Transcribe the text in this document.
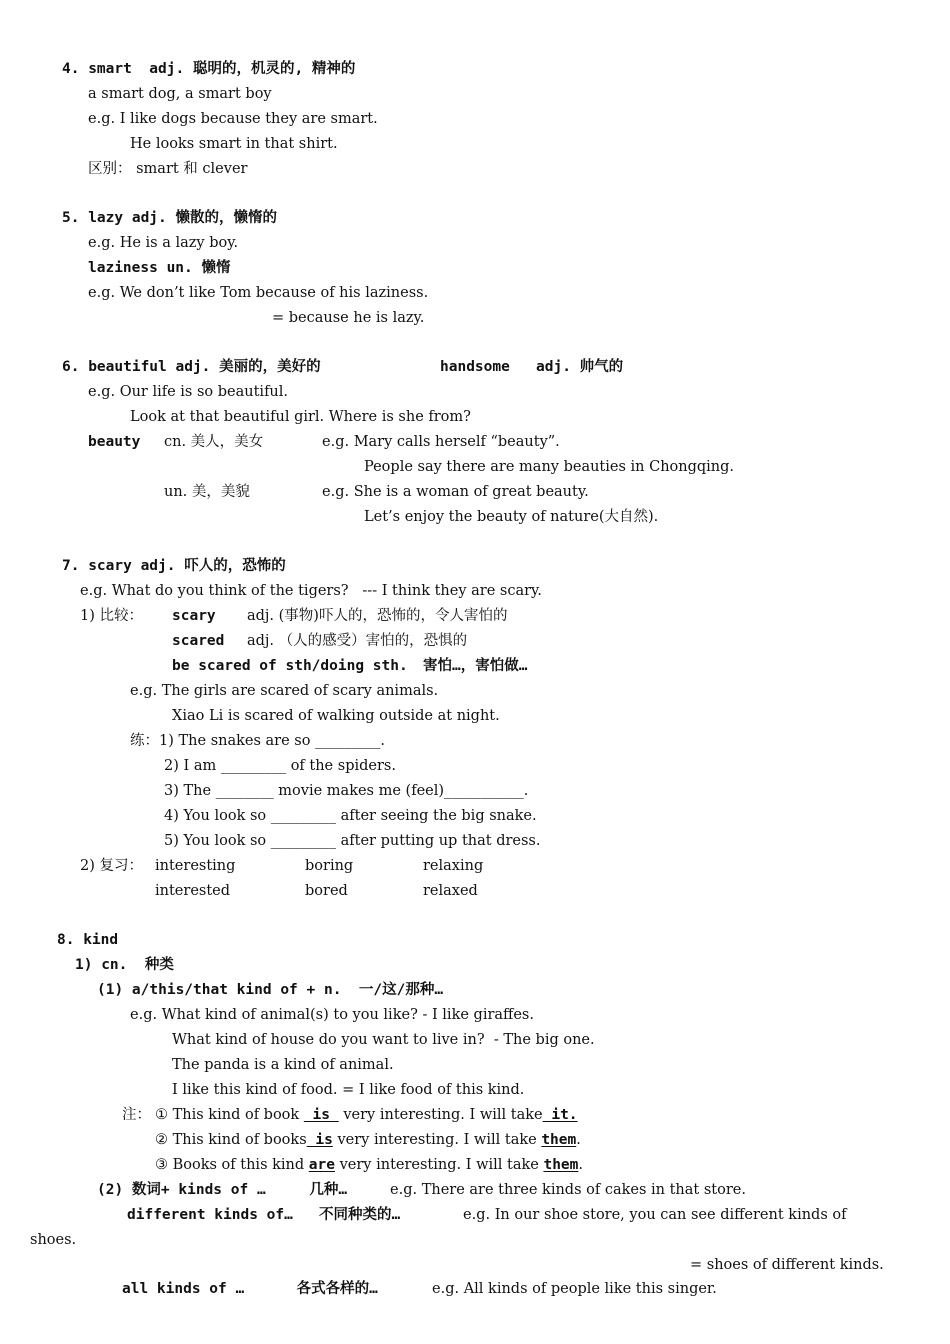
4. smart  adj. 聪明的，机灵的, 精神的
a smart dog, a smart boy
e.g. I like dogs because they are smart.
He looks smart in that shirt.
区别： smart 和 clever
5. lazy adj. 懒散的，懒惰的
e.g. He is a lazy boy.
laziness un. 懒惰
e.g. We don’t like Tom because of his laziness.
= because he is lazy.
6. beautiful adj. 美丽的，美好的	handsome   adj. 帅气的
e.g. Our life is so beautiful.
Look at that beautiful girl. Where is she from?
beauty cn. 美人，美女	e.g. Mary calls herself “beauty”.
People say there are many beauties in Chongqing.
un. 美，美貌	e.g. She is a woman of great beauty.
Let’s enjoy the beauty of nature(大自然).
7. scary adj. 吓人的，恐怖的
e.g. What do you think of the tigers?   --- I think they are scary.
1) 比较： scary adj. (事物)吓人的，恐怖的，令人害怕的
scared adj. （人的感受）害怕的，恐惧的
be scared of sth/doing sth. 害怕…，害怕做…
e.g. The girls are scared of scary animals.
Xiao Li is scared of walking outside at night.
练：1) The snakes are so _________.
2) I am _________ of the spiders.
3) The ________ movie makes me (feel)___________.
4) You look so _________ after seeing the big snake.
5) You look so _________ after putting up that dress.
2) 复习： interesting	boring	relaxing
interested	bored	relaxed
8. kind
1) cn.  种类
(1) a/this/that kind of + n.  一/这/那种…
e.g. What kind of animal(s) to you like? - I like giraffes.
What kind of house do you want to live in?  - The big one.
The panda is a kind of animal.
I like this kind of food. = I like food of this kind.
注： ① This kind of book  is  very interesting. I will take it.
② This kind of books is very interesting. I will take them.
③ Books of this kind are very interesting. I will take them.
(2) 数词+ kinds of …     几种…	e.g. There are three kinds of cakes in that store.
different kinds of…   不同种类的…	e.g. In our shoe store, you can see different kinds of
shoes.
= shoes of different kinds.
all kinds of …      各式各样的…	e.g. All kinds of people like this singer.
